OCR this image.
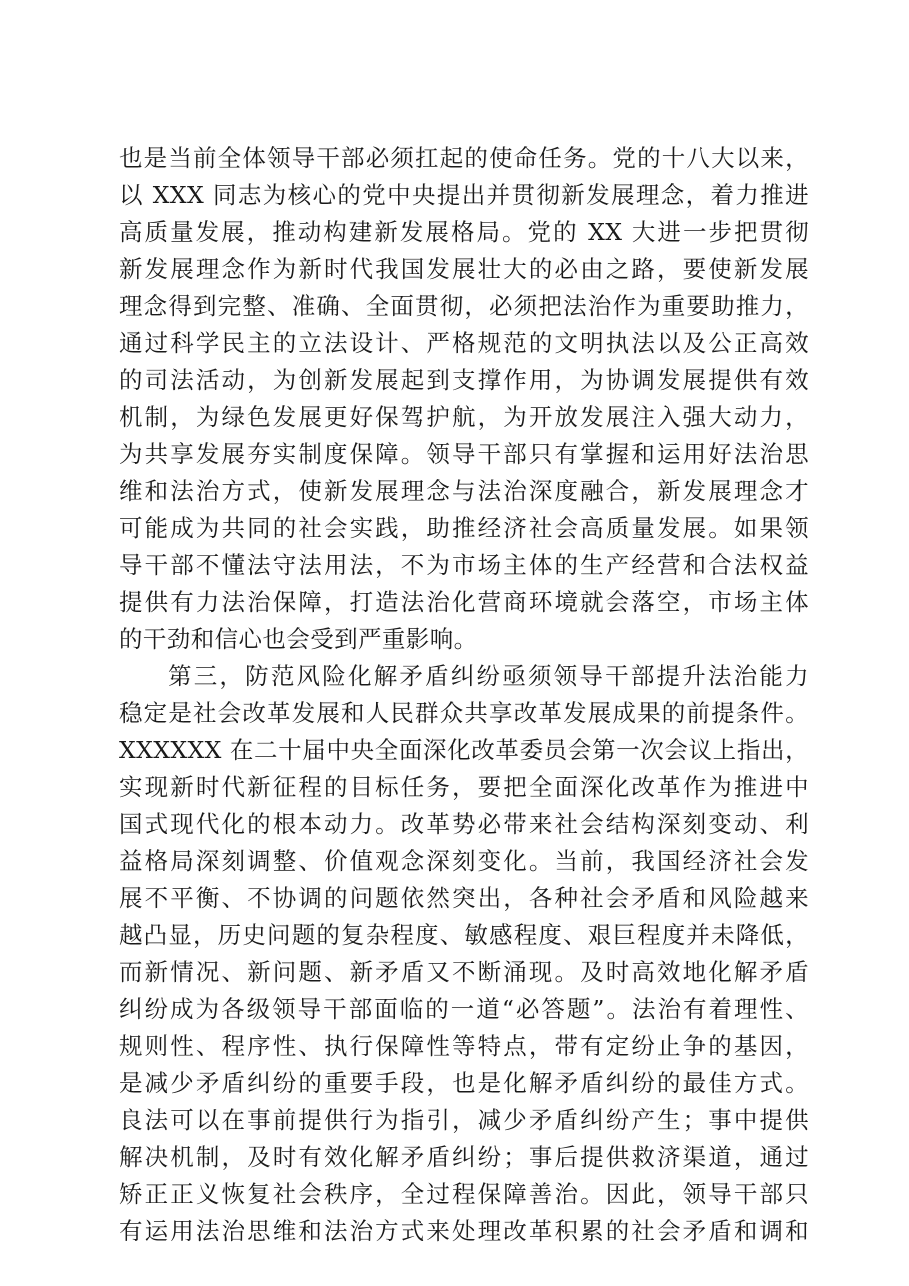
也是当前全体领导干部必须扛起的使命任务。党的十八大以来，
以 XXX 同志为核心的党中央提出并贯彻新发展理念，着力推进
高质量发展，推动构建新发展格局。党的 XX 大进一步把贯彻
新发展理念作为新时代我国发展壮大的必由之路，要使新发展
理念得到完整、准确、全面贯彻，必须把法治作为重要助推力，
通过科学民主的立法设计、严格规范的文明执法以及公正高效
的司法活动，为创新发展起到支撑作用，为协调发展提供有效
机制，为绿色发展更好保驾护航，为开放发展注入强大动力，
为共享发展夯实制度保障。领导干部只有掌握和运用好法治思
维和法治方式，使新发展理念与法治深度融合，新发展理念才
可能成为共同的社会实践，助推经济社会高质量发展。如果领
导干部不懂法守法用法，不为市场主体的生产经营和合法权益
提供有力法治保障，打造法治化营商环境就会落空，市场主体
的干劲和信心也会受到严重影响。
第三，防范风险化解矛盾纠纷亟须领导干部提升法治能力
稳定是社会改革发展和人民群众共享改革发展成果的前提条件。
XXXXXX 在二十届中央全面深化改革委员会第一次会议上指出，
实现新时代新征程的目标任务，要把全面深化改革作为推进中
国式现代化的根本动力。改革势必带来社会结构深刻变动、利
益格局深刻调整、价值观念深刻变化。当前，我国经济社会发
展不平衡、不协调的问题依然突出，各种社会矛盾和风险越来
越凸显，历史问题的复杂程度、敏感程度、艰巨程度并未降低，
而新情况、新问题、新矛盾又不断涌现。及时高效地化解矛盾
纠纷成为各级领导干部面临的一道“必答题”。法治有着理性、
规则性、程序性、执行保障性等特点，带有定纷止争的基因，
是减少矛盾纠纷的重要手段，也是化解矛盾纠纷的最佳方式。
良法可以在事前提供行为指引，减少矛盾纠纷产生；事中提供
解决机制，及时有效化解矛盾纠纷；事后提供救济渠道，通过
矫正正义恢复社会秩序，全过程保障善治。因此，领导干部只
有运用法治思维和法治方式来处理改革积累的社会矛盾和调和
